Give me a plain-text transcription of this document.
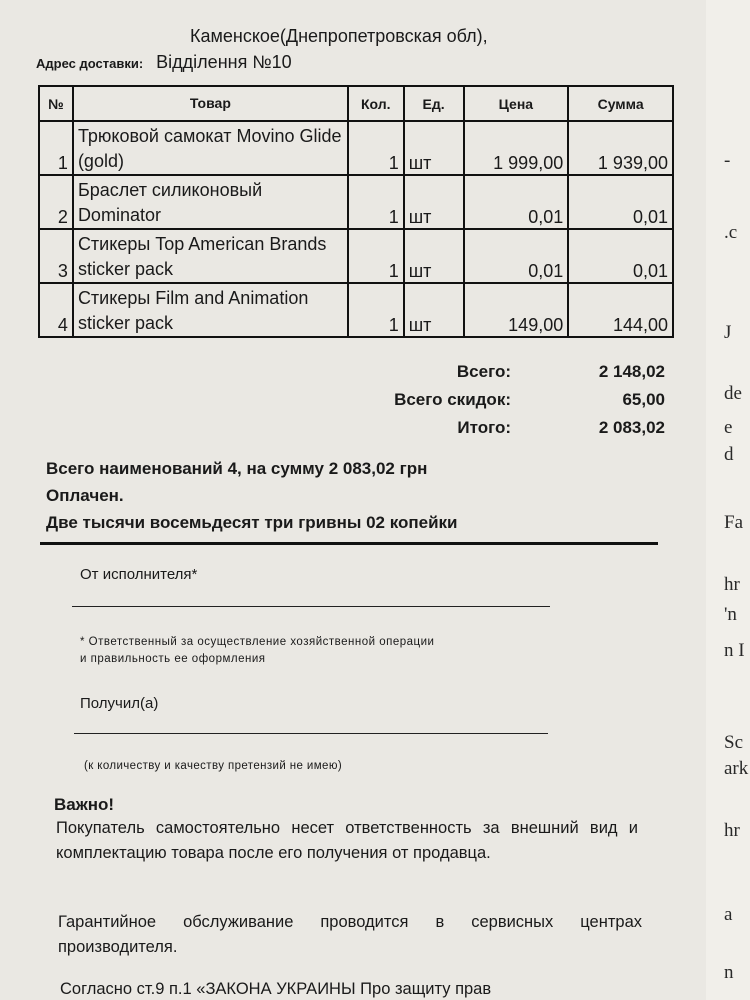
Каменское(Днепропетровская обл),
Адрес доставки: Відділення №10
№	Товар	Кол.	Ед.	Цена	Сумма
1	Трюковой самокат Movino Glide (gold)	1	шт	1 999,00	1 939,00
2	Браслет силиконовый Dominator	1	шт	0,01	0,01
3	Стикеры Top American Brands sticker pack	1	шт	0,01	0,01
4	Стикеры Film and Animation sticker pack	1	шт	149,00	144,00
Всего:	2 148,02
Всего скидок:	65,00
Итого:	2 083,02
Всего наименований 4, на сумму 2 083,02 грн
Оплачен.
Две тысячи восемьдесят три гривны 02 копейки
От исполнителя*
* Ответственный за осуществление хозяйственной операции
и правильность ее оформления
Получил(а)
(к количеству и качеству претензий не имею)
Важно!
Покупатель самостоятельно несет ответственность за внешний вид и комплектацию товара после его получения от продавца.
Гарантийное обслуживание проводится в сервисных центрах производителя.
Согласно ст.9 п.1 «ЗАКОНА УКРАИНЫ Про защиту прав
-
.c
J
de
e
d
Fa
hr
'n
n I
Sc
ark
hr
a
n
